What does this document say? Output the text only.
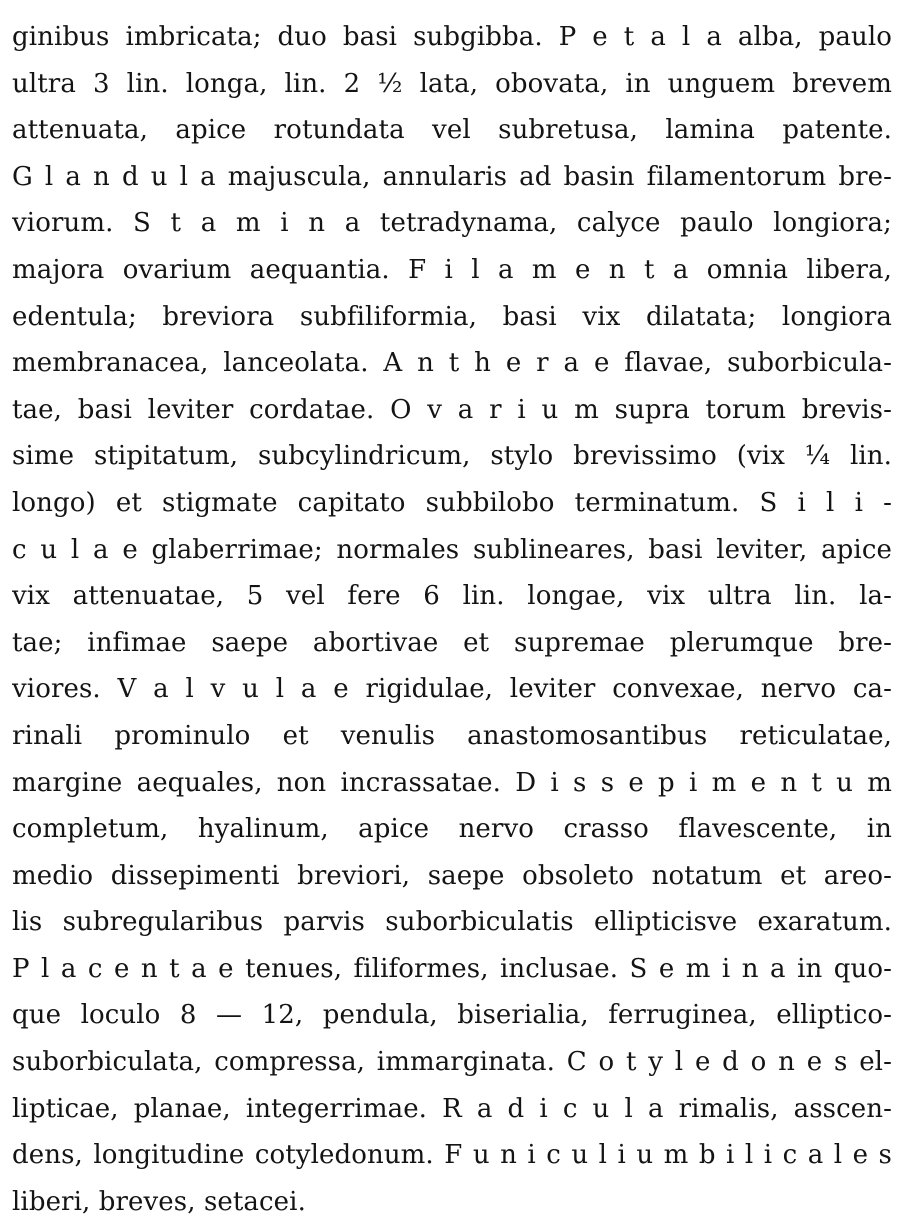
ginibus imbricata; duo basi subgibba. P e t a l a alba, paulo
ultra 3 lin. longa, lin. 2 ½ lata, obovata, in unguem brevem
attenuata, apice rotundata vel subretusa, lamina patente.
G l a n d u l a majuscula, annularis ad basin filamentorum bre-
viorum. S t a m i n a tetradynama, calyce paulo longiora;
majora ovarium aequantia. F i l a m e n t a omnia libera,
edentula; breviora subfiliformia, basi vix dilatata; longiora
membranacea, lanceolata. A n t h e r a e flavae, suborbicula-
tae, basi leviter cordatae. O v a r i u m supra torum brevis-
sime stipitatum, subcylindricum, stylo brevissimo (vix ¼ lin.
longo) et stigmate capitato subbilobo terminatum. S i l i -
c u l a e glaberrimae; normales sublineares, basi leviter, apice
vix attenuatae, 5 vel fere 6 lin. longae, vix ultra lin. la-
tae; infimae saepe abortivae et supremae plerumque bre-
viores. V a l v u l a e rigidulae, leviter convexae, nervo ca-
rinali prominulo et venulis anastomosantibus reticulatae,
margine aequales, non incrassatae. D i s s e p i m e n t u m
completum, hyalinum, apice nervo crasso flavescente, in
medio dissepimenti breviori, saepe obsoleto notatum et areo-
lis subregularibus parvis suborbiculatis ellipticisve exaratum.
P l a c e n t a e tenues, filiformes, inclusae. S e m i n a in quo-
que loculo 8 — 12, pendula, biserialia, ferruginea, elliptico-
suborbiculata, compressa, immarginata. C o t y l e d o n e s el-
lipticae, planae, integerrimae. R a d i c u l a rimalis, asscen-
dens, longitudine cotyledonum. F u n i c u l i u m b i l i c a l e s
liberi, breves, setacei.
